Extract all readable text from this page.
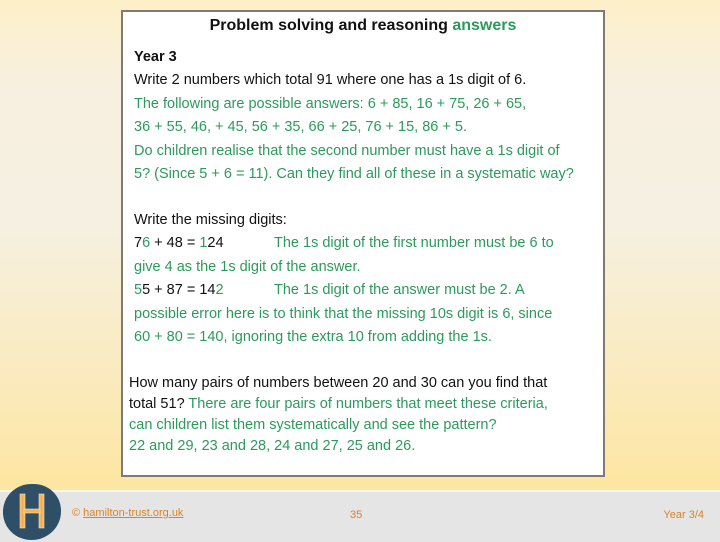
Problem solving and reasoning answers

Year 3

Write 2 numbers which total 91 where one has a 1s digit of 6.

The following are possible answers: 6 + 85, 16 + 75, 26 + 65,

36 + 55, 46, + 45, 56 + 35, 66 + 25, 76 + 15, 86 + 5.

Do children realise that the second number must have a 1s digit of

5? (Since 5 + 6 = 11). Can they find all of these in a systematic way?

Write the missing digits:

76 + 48 = 124	The 1s digit of the first number must be 6 to

give 4 as the 1s digit of the answer.

55 + 87 = 142	The 1s digit of the answer must be 2. A

possible error here is to think that the missing 10s digit is 6, since

60 + 80 = 140, ignoring the extra 10 from adding the 1s.

How many pairs of numbers between 20 and 30 can you find that

total 51? There are four pairs of numbers that meet these criteria,

can children list them systematically and see the pattern?

22 and 29, 23 and 28, 24 and 27, 25 and 26.

© hamilton-trust.org.uk	35	Year 3/4
